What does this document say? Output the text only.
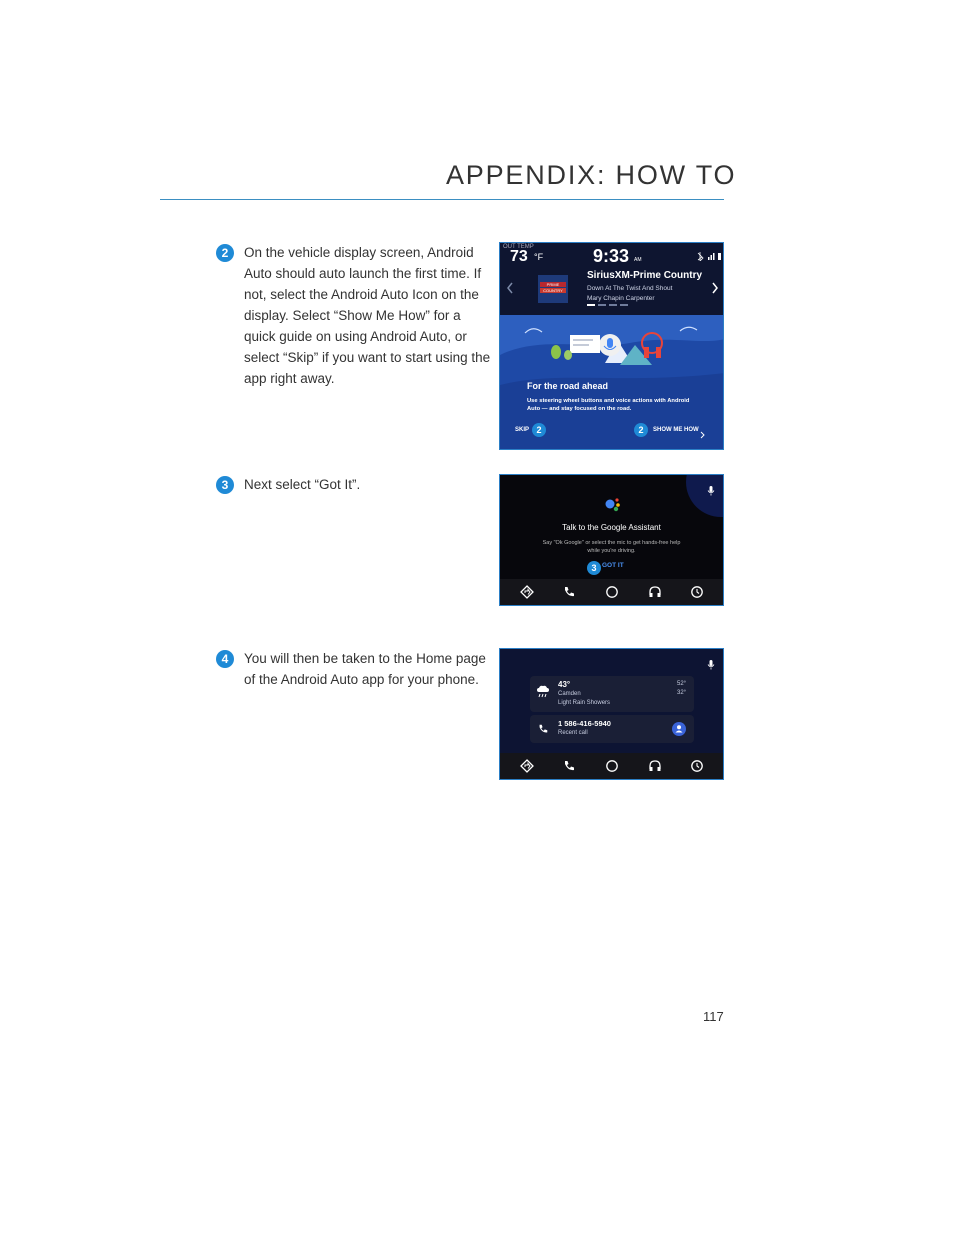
APPENDIX: HOW TO
2	On the vehicle display screen, Android Auto should auto launch the first time. If not, select the Android Auto Icon on the display. Select “Show Me How” for a quick guide on using Android Auto, or select “Skip” if you want to start using the app right away.
OUT TEMP
73 °F	9:33 AM
PRIME
COUNTRY
SiriusXM-Prime Country
Down At The Twist And Shout
Mary Chapin Carpenter
For the road ahead
Use steering wheel buttons and voice actions with Android Auto — and stay focused on the road.
SKIP 2	2	SHOW ME HOW
3	Next select “Got It”.
Talk to the Google Assistant
Say "Ok Google" or select the mic to get hands-free help
while you're driving.
3 GOT IT
4	You will then be taken to the Home page of the Android Auto app for your phone.	43°
Camden
Light Rain Showers
52°
32°
1 586-416-5940
Recent call
117
